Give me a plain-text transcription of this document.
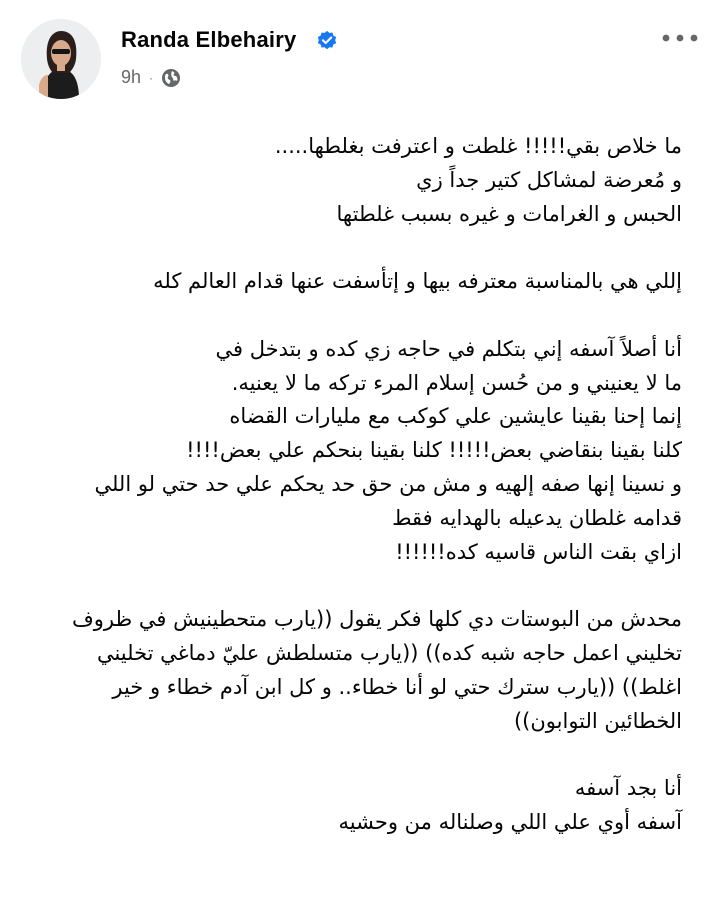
Randa Elbehairy
9h ·
ما خلاص بقي!!!!! غلطت و اعترفت بغلطها.....
و مُعرضة لمشاكل كتير جداً زي
الحبس و الغرامات و غيره بسبب غلطتها

إللي هي بالمناسبة معترفه بيها و إتأسفت عنها قدام العالم كله

أنا أصلاً آسفه إني بتكلم في حاجه زي كده و بتدخل في
ما لا يعنيني و من حُسن إسلام المرء تركه ما لا يعنيه.
إنما إحنا بقينا عايشين علي كوكب مع مليارات القضاه
كلنا بقينا بنقاضي بعض!!!!! كلنا بقينا بنحكم علي بعض!!!!
و نسينا إنها صفه إلهيه و مش من حق حد يحكم علي حد حتي لو اللي
قدامه غلطان يدعيله بالهدايه فقط
ازاي بقت الناس قاسيه كده!!!!!!

محدش من البوستات دي كلها فكر يقول ((يارب متحطينيش في ظروف
تخليني اعمل حاجه شبه كده)) ((يارب متسلطش عليّ دماغي تخليني
اغلط)) ((يارب سترك حتي لو أنا خطاء.. و كل ابن آدم خطاء و خير
الخطائين التوابون))

أنا بجد آسفه
آسفه أوي علي اللي وصلناله من وحشيه
